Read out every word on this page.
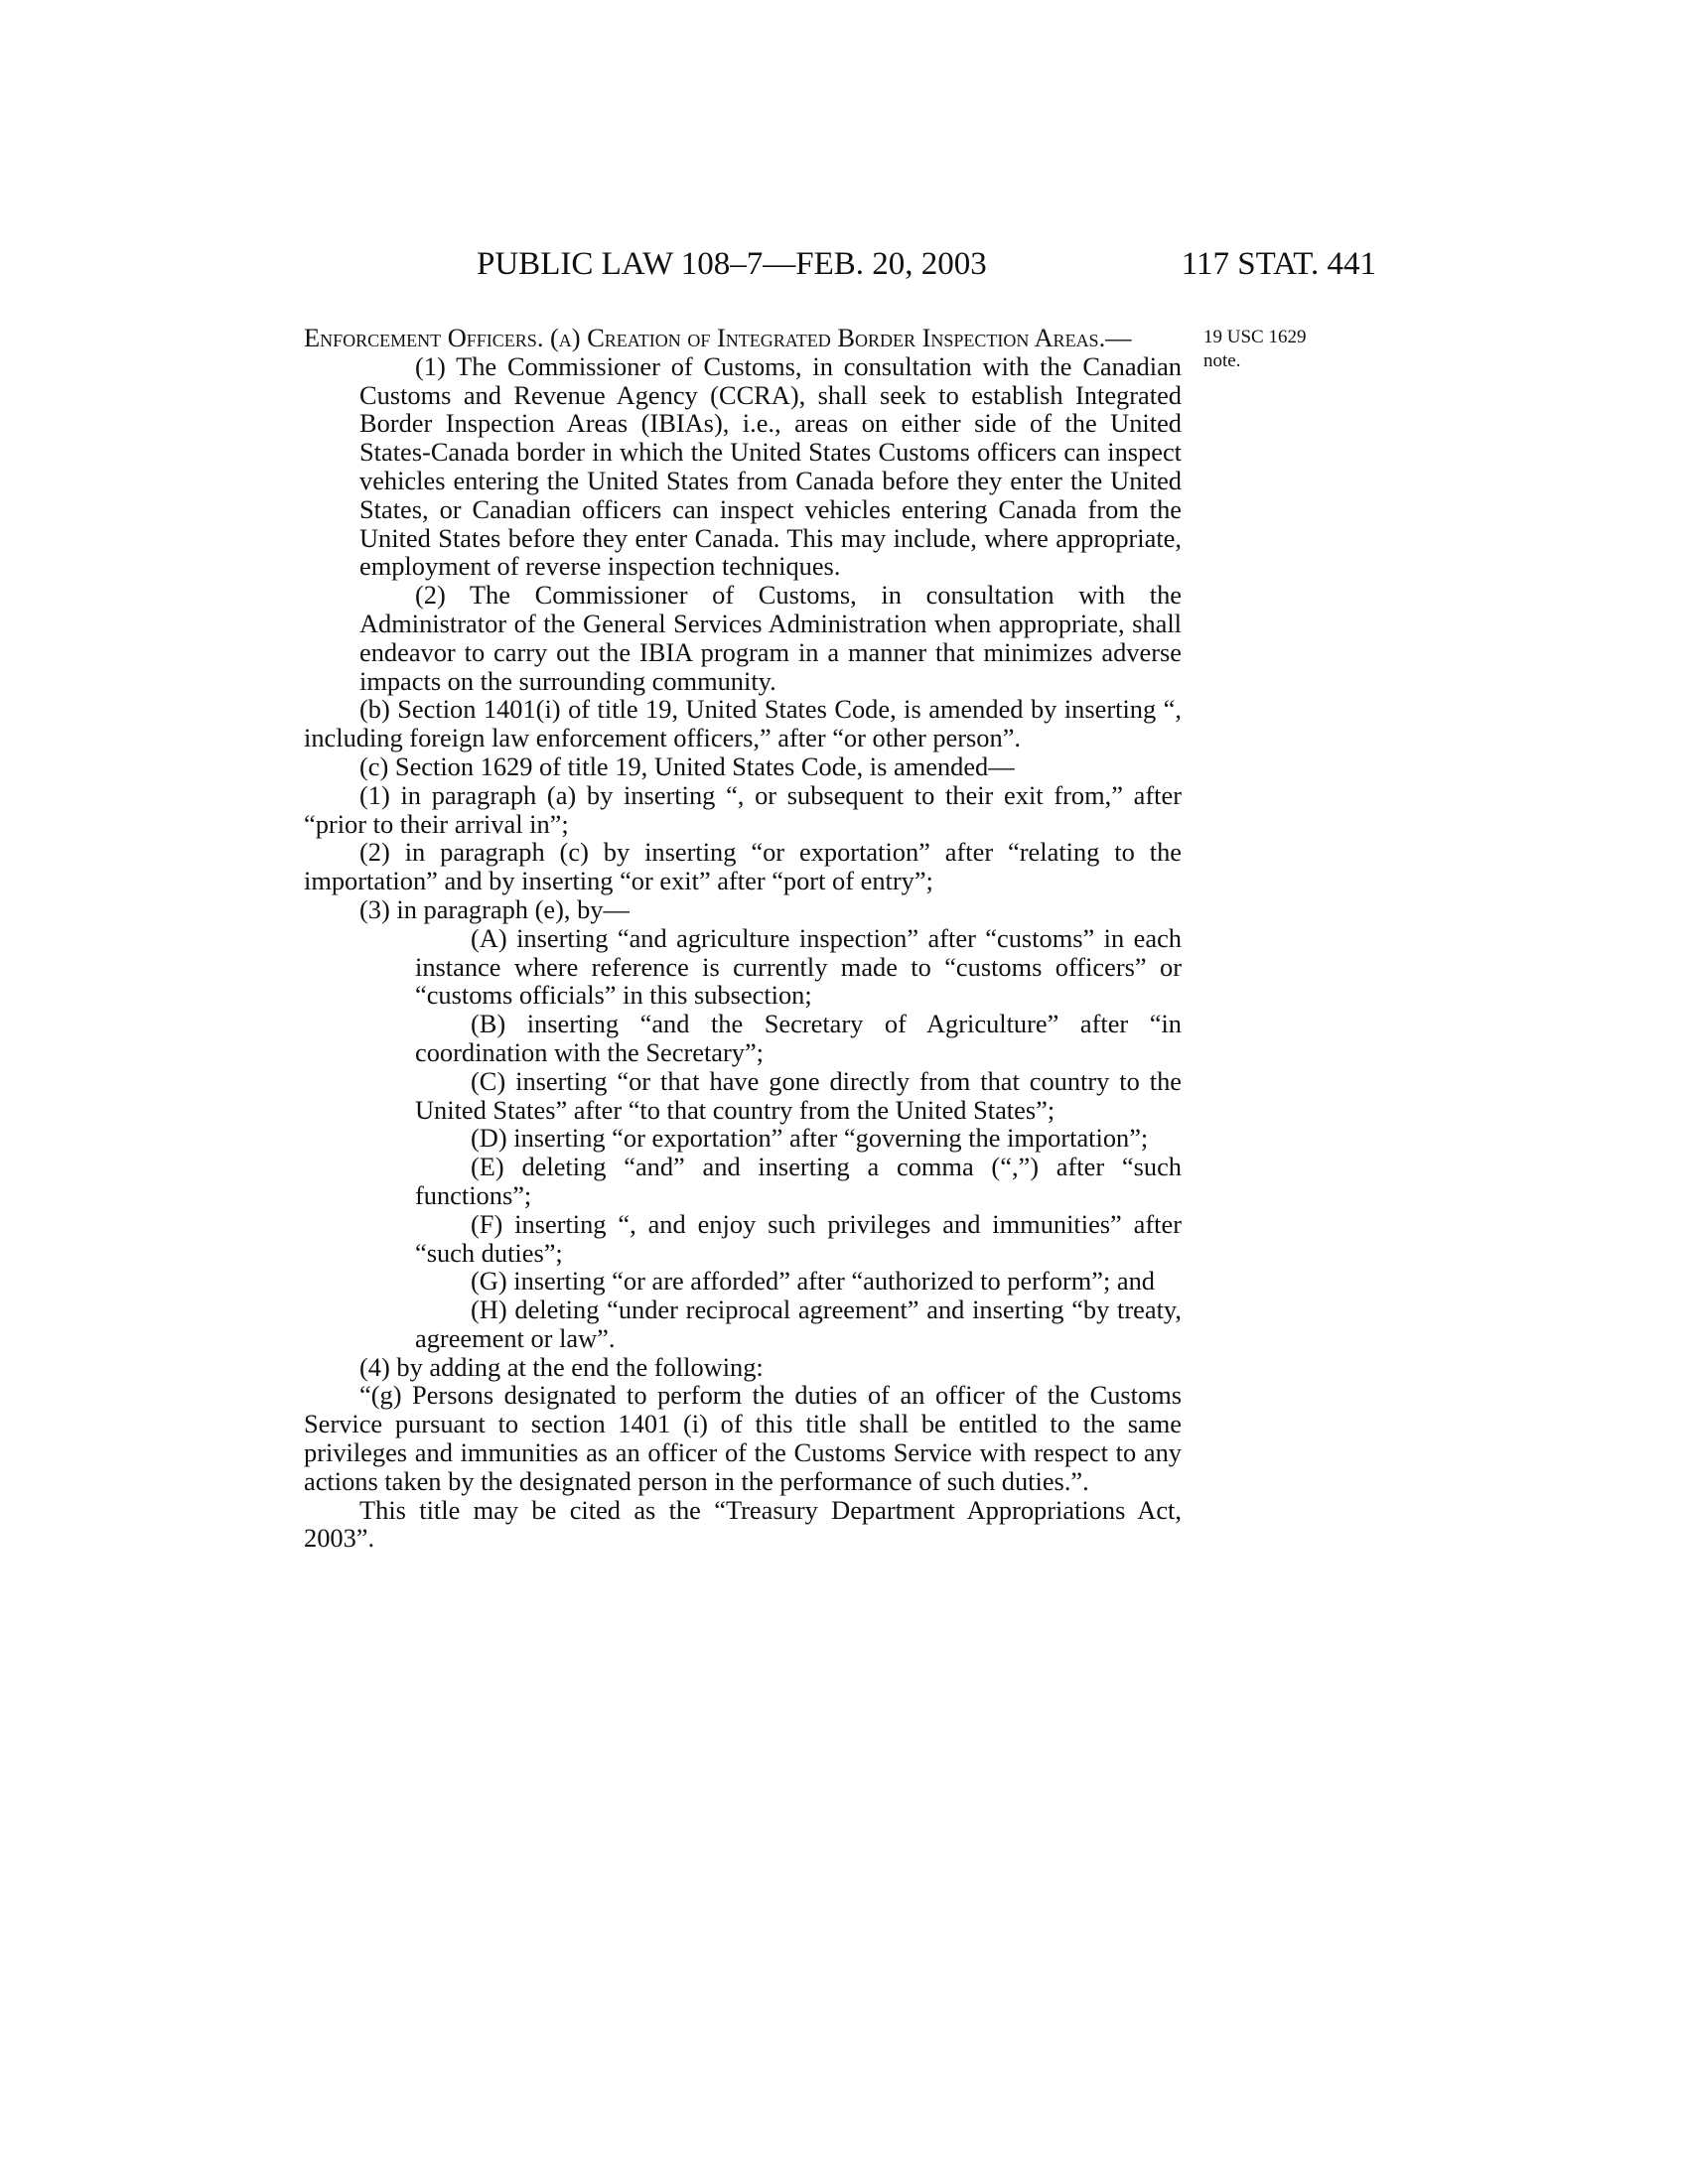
PUBLIC LAW 108–7—FEB. 20, 2003	117 STAT. 441
19 USC 1629
note.

Enforcement Officers. (a) Creation of Integrated Border Inspection Areas.—

(1) The Commissioner of Customs, in consultation with the Canadian Customs and Revenue Agency (CCRA), shall seek to establish Integrated Border Inspection Areas (IBIAs), i.e., areas on either side of the United States-Canada border in which the United States Customs officers can inspect vehicles entering the United States from Canada before they enter the United States, or Canadian officers can inspect vehicles entering Canada from the United States before they enter Canada. This may include, where appropriate, employment of reverse inspection techniques.

(2) The Commissioner of Customs, in consultation with the Administrator of the General Services Administration when appropriate, shall endeavor to carry out the IBIA program in a manner that minimizes adverse impacts on the surrounding community.

(b) Section 1401(i) of title 19, United States Code, is amended by inserting “, including foreign law enforcement officers,” after “or other person”.

(c) Section 1629 of title 19, United States Code, is amended—

(1) in paragraph (a) by inserting “, or subsequent to their exit from,” after “prior to their arrival in”;

(2) in paragraph (c) by inserting “or exportation” after “relating to the importation” and by inserting “or exit” after “port of entry”;

(3) in paragraph (e), by—

(A) inserting “and agriculture inspection” after “customs” in each instance where reference is currently made to “customs officers” or “customs officials” in this subsection;

(B) inserting “and the Secretary of Agriculture” after “in coordination with the Secretary”;

(C) inserting “or that have gone directly from that country to the United States” after “to that country from the United States”;

(D) inserting “or exportation” after “governing the importation”;

(E) deleting “and” and inserting a comma (“,”) after “such functions”;

(F) inserting “, and enjoy such privileges and immunities” after “such duties”;

(G) inserting “or are afforded” after “authorized to perform”; and

(H) deleting “under reciprocal agreement” and inserting “by treaty, agreement or law”.

(4) by adding at the end the following:

“(g) Persons designated to perform the duties of an officer of the Customs Service pursuant to section 1401 (i) of this title shall be entitled to the same privileges and immunities as an officer of the Customs Service with respect to any actions taken by the designated person in the performance of such duties.”.

This title may be cited as the “Treasury Department Appropriations Act, 2003”.
